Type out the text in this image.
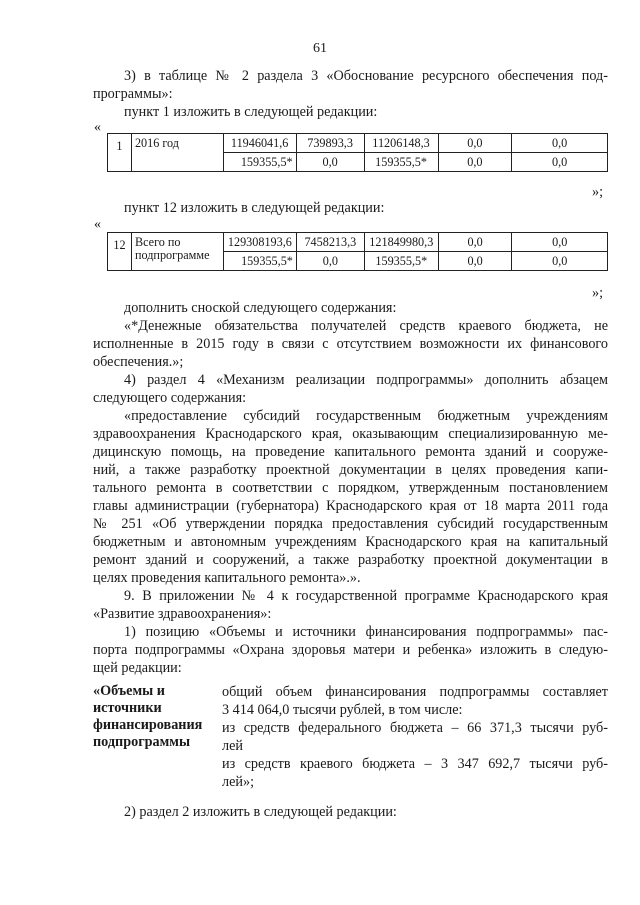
61
3) в таблице № 2 раздела 3 «Обоснование ресурсного обеспечения под-
программы»:
пункт 1 изложить в следующей редакции:
«
1	2016 год	11946041,6	739893,3	11206148,3	0,0	0,0
		159355,5*	0,0	159355,5*	0,0	0,0
»;
пункт 12 изложить в следующей редакции:
«
12	Всего по подпрограмме	129308193,6	7458213,3	121849980,3	0,0	0,0
		159355,5*	0,0	159355,5*	0,0	0,0
»;
дополнить сноской следующего содержания:
«*Денежные обязательства получателей средств краевого бюджета, не
исполненные в 2015 году в связи с отсутствием возможности их финансового
обеспечения.»;
4) раздел 4 «Механизм реализации подпрограммы» дополнить абзацем
следующего содержания:
«предоставление субсидий государственным бюджетным учреждениям
здравоохранения Краснодарского края, оказывающим специализированную ме-
дицинскую помощь, на проведение капитального ремонта зданий и сооруже-
ний, а также разработку проектной документации в целях проведения капи-
тального ремонта в соответствии с порядком, утвержденным постановлением
главы администрации (губернатора) Краснодарского края от 18 марта 2011 года
№ 251 «Об утверждении порядка предоставления субсидий государственным
бюджетным и автономным учреждениям Краснодарского края на капитальный
ремонт зданий и сооружений, а также разработку проектной документации в
целях проведения капитального ремонта».».
9. В приложении № 4 к государственной программе Краснодарского края
«Развитие здравоохранения»:
1) позицию «Объемы и источники финансирования подпрограммы» пас-
порта подпрограммы «Охрана здоровья матери и ребенка» изложить в следую-
щей редакции:
«Объемы и
источники
финансирования
подпрограммы
общий объем финансирования подпрограммы составляет
3 414 064,0 тысячи рублей, в том числе:
из средств федерального бюджета – 66 371,3 тысячи руб-
лей
из средств краевого бюджета – 3 347 692,7 тысячи руб-
лей»;
2) раздел 2 изложить в следующей редакции:
